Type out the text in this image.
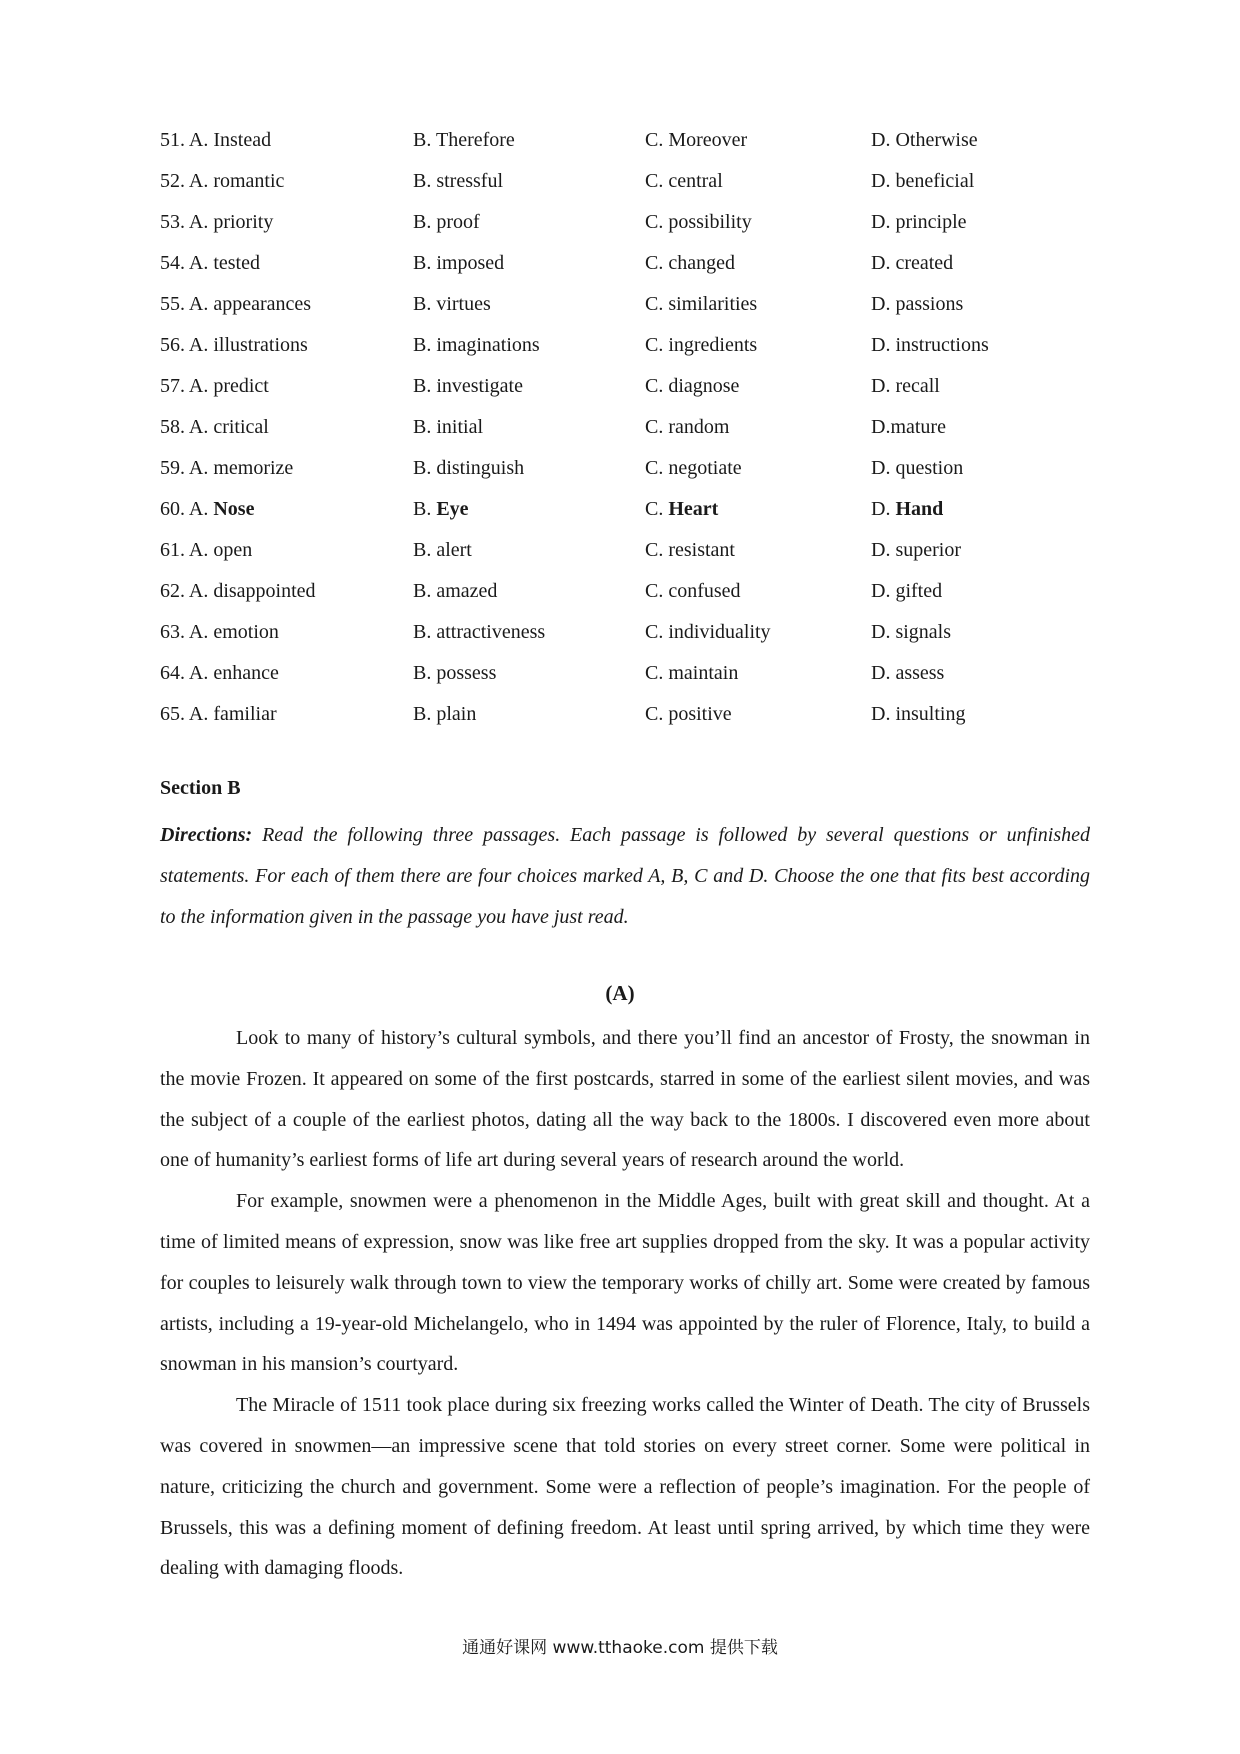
51. A. Instead	B. Therefore	C. Moreover	D. Otherwise
52. A. romantic	B. stressful	C. central	D. beneficial
53. A. priority	B. proof	C. possibility	D. principle
54. A. tested	B. imposed	C. changed	D. created
55. A. appearances	B. virtues	C. similarities	D. passions
56. A. illustrations	B. imaginations	C. ingredients	D. instructions
57. A. predict	B. investigate	C. diagnose	D. recall
58. A. critical	B. initial	C. random	D.mature
59. A. memorize	B. distinguish	C. negotiate	D. question
60. A. Nose	B. Eye	C. Heart	D. Hand
61. A. open	B. alert	C. resistant	D. superior
62. A. disappointed	B. amazed	C. confused	D. gifted
63. A. emotion	B. attractiveness	C. individuality	D. signals
64. A. enhance	B. possess	C. maintain	D. assess
65. A. familiar	B. plain	C. positive	D. insulting
Section B

Directions: Read the following three passages. Each passage is followed by several questions or unfinished statements. For each of them there are four choices marked A, B, C and D. Choose the one that fits best according to the information given in the passage you have just read.

(A)

Look to many of history’s cultural symbols, and there you’ll find an ancestor of Frosty, the snowman in the movie Frozen. It appeared on some of the first postcards, starred in some of the earliest silent movies, and was the subject of a couple of the earliest photos, dating all the way back to the 1800s. I discovered even more about one of humanity’s earliest forms of life art during several years of research around the world.

For example, snowmen were a phenomenon in the Middle Ages, built with great skill and thought. At a time of limited means of expression, snow was like free art supplies dropped from the sky. It was a popular activity for couples to leisurely walk through town to view the temporary works of chilly art. Some were created by famous artists, including a 19-year-old Michelangelo, who in 1494 was appointed by the ruler of Florence, Italy, to build a snowman in his mansion’s courtyard.

The Miracle of 1511 took place during six freezing works called the Winter of Death. The city of Brussels was covered in snowmen—an impressive scene that told stories on every street corner. Some were political in nature, criticizing the church and government. Some were a reflection of people’s imagination. For the people of Brussels, this was a defining moment of defining freedom. At least until spring arrived, by which time they were dealing with damaging floods.

通通好课网 www.tthaoke.com 提供下载
